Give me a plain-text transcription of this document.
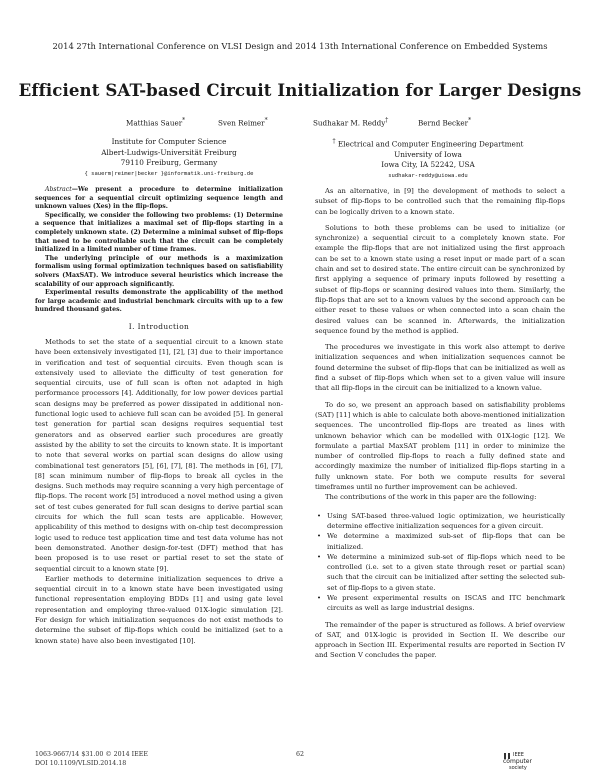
2014 27th International Conference on VLSI Design and 2014 13th International Conference on Embedded Systems
Efficient SAT-based Circuit Initialization for Larger Designs
Matthias Sauer*	Sven Reimer*	Sudhakar M. Reddy†	Bernd Becker*
Institute for Computer Science
Albert-Ludwigs-Universität Freiburg
79110 Freiburg, Germany
{ sauerm|reimer|becker }@informatik.uni-freiburg.de
† Electrical and Computer Engineering Department
University of Iowa
Iowa City, IA 52242, USA
sudhakar-reddy@uiowa.edu

Abstract—We present a procedure to determine initialization sequences for a sequential circuit optimizing sequence length and unknown values (Xes) in the flip-flops.

Specifically, we consider the following two problems: (1) Determine a sequence that initializes a maximal set of flip-flops starting in a completely unknown state. (2) Determine a minimal subset of flip-flops that need to be controllable such that the circuit can be completely initialized in a limited number of time frames.

The underlying principle of our methods is a maximization formalism using formal optimization techniques based on satisfiability solvers (MaxSAT). We introduce several heuristics which increase the scalability of our approach significantly.

Experimental results demonstrate the applicability of the method for large academic and industrial benchmark circuits with up to a few hundred thousand gates.

I. Introduction

Methods to set the state of a sequential circuit to a known state have been extensively investigated [1], [2], [3] due to their importance in verification and test of sequential circuits. Even though scan is extensively used to alleviate the difficulty of test generation for sequential circuits, use of full scan is often not adapted in high performance processors [4]. Additionally, for low power devices partial scan designs may be preferred as power dissipated in additional non-functional logic used to achieve full scan can be avoided [5]. In general test generation for partial scan designs requires sequential test generators and as observed earlier such procedures are greatly assisted by the ability to set the circuits to known state. It is important to note that several works on partial scan designs do allow using combinational test generators [5], [6], [7], [8]. The methods in [6], [7], [8] scan minimum number of flip-flops to break all cycles in the designs. Such methods may require scanning a very high percentage of flip-flops. The recent work [5] introduced a novel method using a given set of test cubes generated for full scan designs to derive partial scan circuits for which the full scan tests are applicable. However, applicability of this method to designs with on-chip test decompression logic used to reduce test application time and test data volume has not been demonstrated. Another design-for-test (DFT) method that has been proposed is to use reset or partial reset to set the state of sequential circuit to a known state [9].

Earlier methods to determine initialization sequences to drive a sequential circuit in to a known state have been investigated using functional representation employing BDDs [1] and using gate level representation and employing three-valued 01X-logic simulation [2]. For design for which initialization sequences do not exist methods to determine the subset of flip-flops which could be initialized (set to a known state) have also been investigated [10].

As an alternative, in [9] the development of methods to select a subset of flip-flops to be controlled such that the remaining flip-flops can be logically driven to a known state.

Solutions to both these problems can be used to initialize (or synchronize) a sequential circuit to a completely known state. For example the flip-flops that are not initialized using the first approach can be set to a known state using a reset input or made part of a scan chain and set to desired state. The entire circuit can be synchronized by first applying a sequence of primary inputs followed by resetting a subset of flip-flops or scanning desired values into them. Similarly, the flip-flops that are set to a known values by the second approach can be either reset to these values or when connected into a scan chain the desired values can be scanned in. Afterwards, the initialization sequence found by the method is applied.

The procedures we investigate in this work also attempt to derive initialization sequences and when initialization sequences cannot be found determine the subset of flip-flops that can be initialized as well as find a subset of flip-flops which when set to a given value will insure that all flip-flops in the circuit can be initialized to a known value.

To do so, we present an approach based on satisfiability problems (SAT) [11] which is able to calculate both above-mentioned initialization sequences. The uncontrolled flip-flops are treated as lines with unknown behavior which can be modelled with 01X-logic [12]. We formulate a partial MaxSAT problem [11] in order to minimize the number of controlled flip-flops to reach a fully defined state and accordingly maximize the number of initialized flip-flops starting in a fully unknown state. For both we compute results for several timeframes until no further improvement can be achieved.

The contributions of the work in this paper are the following:

• Using SAT-based three-valued logic optimization, we heuristically determine effective initialization sequences for a given circuit.
• We determine a maximized sub-set of flip-flops that can be initialized.
• We determine a minimized sub-set of flip-flops which need to be controlled (i.e. set to a given state through reset or partial scan) such that the circuit can be initialized after setting the selected sub-set of flip-flops to a given state.
• We present experimental results on ISCAS and ITC benchmark circuits as well as large industrial designs.

The remainder of the paper is structured as follows. A brief overview of SAT, and 01X-logic is provided in Section II. We describe our approach in Section III. Experimental results are reported in Section IV and Section V concludes the paper.

1063-9667/14 $31.00 © 2014 IEEE
DOI 10.1109/VLSID.2014.18
62	IEEE
computer
society
